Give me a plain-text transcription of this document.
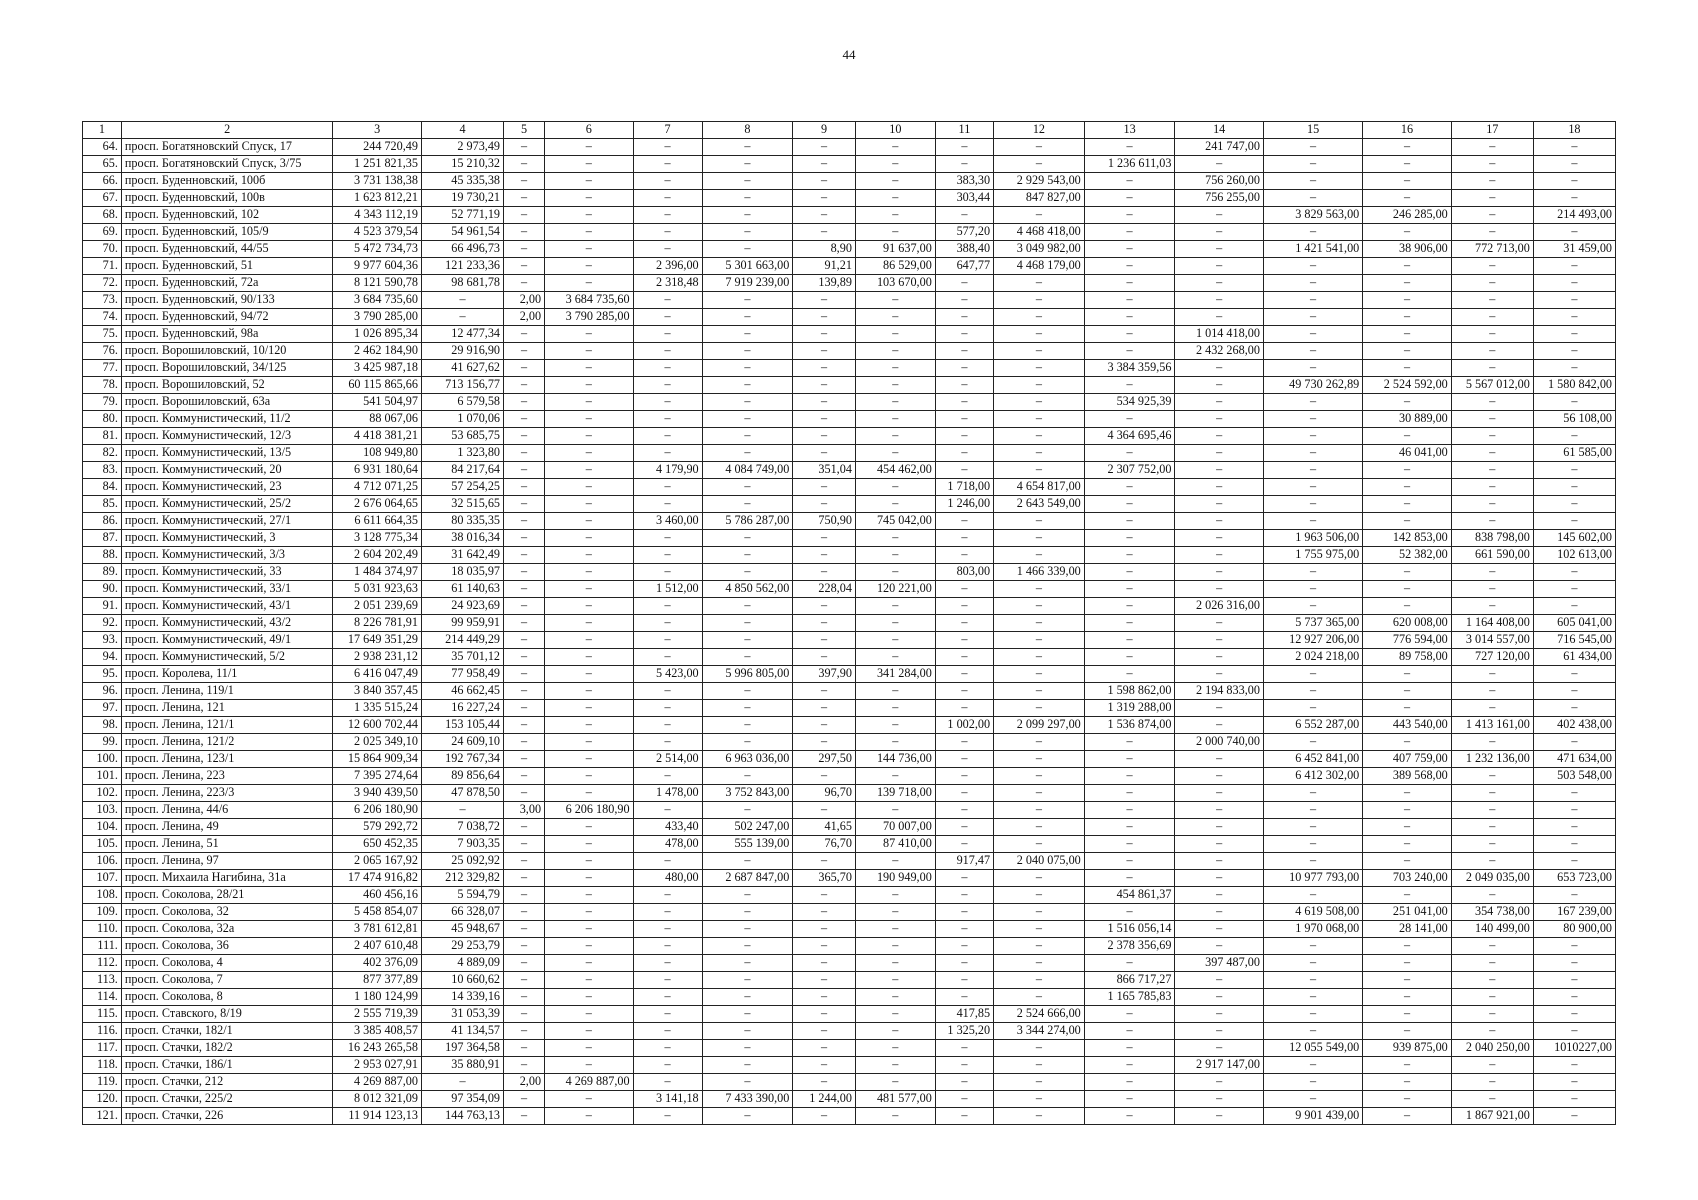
44
1	2	3	4	5	6	7	8	9	10	11	12	13	14	15	16	17	18
64.	просп. Богатяновский Спуск, 17	244 720,49	2 973,49	–	–	–	–	–	–	–	–	–	241 747,00	–	–	–	–
65.	просп. Богатяновский Спуск, 3/75	1 251 821,35	15 210,32	–	–	–	–	–	–	–	–	1 236 611,03	–	–	–	–	–
66.	просп. Буденновский, 100б	3 731 138,38	45 335,38	–	–	–	–	–	–	383,30	2 929 543,00	–	756 260,00	–	–	–	–
67.	просп. Буденновский, 100в	1 623 812,21	19 730,21	–	–	–	–	–	–	303,44	847 827,00	–	756 255,00	–	–	–	–
68.	просп. Буденновский, 102	4 343 112,19	52 771,19	–	–	–	–	–	–	–	–	–	–	3 829 563,00	246 285,00	–	214 493,00
69.	просп. Буденновский, 105/9	4 523 379,54	54 961,54	–	–	–	–	–	–	577,20	4 468 418,00	–	–	–	–	–	–
70.	просп. Буденновский, 44/55	5 472 734,73	66 496,73	–	–	–	–	8,90	91 637,00	388,40	3 049 982,00	–	–	1 421 541,00	38 906,00	772 713,00	31 459,00
71.	просп. Буденновский, 51	9 977 604,36	121 233,36	–	–	2 396,00	5 301 663,00	91,21	86 529,00	647,77	4 468 179,00	–	–	–	–	–	–
72.	просп. Буденновский, 72а	8 121 590,78	98 681,78	–	–	2 318,48	7 919 239,00	139,89	103 670,00	–	–	–	–	–	–	–	–
73.	просп. Буденновский, 90/133	3 684 735,60	–	2,00	3 684 735,60	–	–	–	–	–	–	–	–	–	–	–	–
74.	просп. Буденновский, 94/72	3 790 285,00	–	2,00	3 790 285,00	–	–	–	–	–	–	–	–	–	–	–	–
75.	просп. Буденновский, 98а	1 026 895,34	12 477,34	–	–	–	–	–	–	–	–	–	1 014 418,00	–	–	–	–
76.	просп. Ворошиловский, 10/120	2 462 184,90	29 916,90	–	–	–	–	–	–	–	–	–	2 432 268,00	–	–	–	–
77.	просп. Ворошиловский, 34/125	3 425 987,18	41 627,62	–	–	–	–	–	–	–	–	3 384 359,56	–	–	–	–	–
78.	просп. Ворошиловский, 52	60 115 865,66	713 156,77	–	–	–	–	–	–	–	–	–	–	49 730 262,89	2 524 592,00	5 567 012,00	1 580 842,00
79.	просп. Ворошиловский, 63а	541 504,97	6 579,58	–	–	–	–	–	–	–	–	534 925,39	–	–	–	–	–
80.	просп. Коммунистический, 11/2	88 067,06	1 070,06	–	–	–	–	–	–	–	–	–	–	–	30 889,00	–	56 108,00
81.	просп. Коммунистический, 12/3	4 418 381,21	53 685,75	–	–	–	–	–	–	–	–	4 364 695,46	–	–	–	–	–
82.	просп. Коммунистический, 13/5	108 949,80	1 323,80	–	–	–	–	–	–	–	–	–	–	–	46 041,00	–	61 585,00
83.	просп. Коммунистический, 20	6 931 180,64	84 217,64	–	–	4 179,90	4 084 749,00	351,04	454 462,00	–	–	2 307 752,00	–	–	–	–	–
84.	просп. Коммунистический, 23	4 712 071,25	57 254,25	–	–	–	–	–	–	1 718,00	4 654 817,00	–	–	–	–	–	–
85.	просп. Коммунистический, 25/2	2 676 064,65	32 515,65	–	–	–	–	–	–	1 246,00	2 643 549,00	–	–	–	–	–	–
86.	просп. Коммунистический, 27/1	6 611 664,35	80 335,35	–	–	3 460,00	5 786 287,00	750,90	745 042,00	–	–	–	–	–	–	–	–
87.	просп. Коммунистический, 3	3 128 775,34	38 016,34	–	–	–	–	–	–	–	–	–	–	1 963 506,00	142 853,00	838 798,00	145 602,00
88.	просп. Коммунистический, 3/3	2 604 202,49	31 642,49	–	–	–	–	–	–	–	–	–	–	1 755 975,00	52 382,00	661 590,00	102 613,00
89.	просп. Коммунистический, 33	1 484 374,97	18 035,97	–	–	–	–	–	–	803,00	1 466 339,00	–	–	–	–	–	–
90.	просп. Коммунистический, 33/1	5 031 923,63	61 140,63	–	–	1 512,00	4 850 562,00	228,04	120 221,00	–	–	–	–	–	–	–	–
91.	просп. Коммунистический, 43/1	2 051 239,69	24 923,69	–	–	–	–	–	–	–	–	–	2 026 316,00	–	–	–	–
92.	просп. Коммунистический, 43/2	8 226 781,91	99 959,91	–	–	–	–	–	–	–	–	–	–	5 737 365,00	620 008,00	1 164 408,00	605 041,00
93.	просп. Коммунистический, 49/1	17 649 351,29	214 449,29	–	–	–	–	–	–	–	–	–	–	12 927 206,00	776 594,00	3 014 557,00	716 545,00
94.	просп. Коммунистический, 5/2	2 938 231,12	35 701,12	–	–	–	–	–	–	–	–	–	–	2 024 218,00	89 758,00	727 120,00	61 434,00
95.	просп. Королева, 11/1	6 416 047,49	77 958,49	–	–	5 423,00	5 996 805,00	397,90	341 284,00	–	–	–	–	–	–	–	–
96.	просп. Ленина, 119/1	3 840 357,45	46 662,45	–	–	–	–	–	–	–	–	1 598 862,00	2 194 833,00	–	–	–	–
97.	просп. Ленина, 121	1 335 515,24	16 227,24	–	–	–	–	–	–	–	–	1 319 288,00	–	–	–	–	–
98.	просп. Ленина, 121/1	12 600 702,44	153 105,44	–	–	–	–	–	–	1 002,00	2 099 297,00	1 536 874,00	–	6 552 287,00	443 540,00	1 413 161,00	402 438,00
99.	просп. Ленина, 121/2	2 025 349,10	24 609,10	–	–	–	–	–	–	–	–	–	2 000 740,00	–	–	–	–
100.	просп. Ленина, 123/1	15 864 909,34	192 767,34	–	–	2 514,00	6 963 036,00	297,50	144 736,00	–	–	–	–	6 452 841,00	407 759,00	1 232 136,00	471 634,00
101.	просп. Ленина, 223	7 395 274,64	89 856,64	–	–	–	–	–	–	–	–	–	–	6 412 302,00	389 568,00	–	503 548,00
102.	просп. Ленина, 223/3	3 940 439,50	47 878,50	–	–	1 478,00	3 752 843,00	96,70	139 718,00	–	–	–	–	–	–	–	–
103.	просп. Ленина, 44/6	6 206 180,90	–	3,00	6 206 180,90	–	–	–	–	–	–	–	–	–	–	–	–
104.	просп. Ленина, 49	579 292,72	7 038,72	–	–	433,40	502 247,00	41,65	70 007,00	–	–	–	–	–	–	–	–
105.	просп. Ленина, 51	650 452,35	7 903,35	–	–	478,00	555 139,00	76,70	87 410,00	–	–	–	–	–	–	–	–
106.	просп. Ленина, 97	2 065 167,92	25 092,92	–	–	–	–	–	–	917,47	2 040 075,00	–	–	–	–	–	–
107.	просп. Михаила Нагибина, 31а	17 474 916,82	212 329,82	–	–	480,00	2 687 847,00	365,70	190 949,00	–	–	–	–	10 977 793,00	703 240,00	2 049 035,00	653 723,00
108.	просп. Соколова, 28/21	460 456,16	5 594,79	–	–	–	–	–	–	–	–	454 861,37	–	–	–	–	–
109.	просп. Соколова, 32	5 458 854,07	66 328,07	–	–	–	–	–	–	–	–	–	–	4 619 508,00	251 041,00	354 738,00	167 239,00
110.	просп. Соколова, 32а	3 781 612,81	45 948,67	–	–	–	–	–	–	–	–	1 516 056,14	–	1 970 068,00	28 141,00	140 499,00	80 900,00
111.	просп. Соколова, 36	2 407 610,48	29 253,79	–	–	–	–	–	–	–	–	2 378 356,69	–	–	–	–	–
112.	просп. Соколова, 4	402 376,09	4 889,09	–	–	–	–	–	–	–	–	–	397 487,00	–	–	–	–
113.	просп. Соколова, 7	877 377,89	10 660,62	–	–	–	–	–	–	–	–	866 717,27	–	–	–	–	–
114.	просп. Соколова, 8	1 180 124,99	14 339,16	–	–	–	–	–	–	–	–	1 165 785,83	–	–	–	–	–
115.	просп. Ставского, 8/19	2 555 719,39	31 053,39	–	–	–	–	–	–	417,85	2 524 666,00	–	–	–	–	–	–
116.	просп. Стачки, 182/1	3 385 408,57	41 134,57	–	–	–	–	–	–	1 325,20	3 344 274,00	–	–	–	–	–	–
117.	просп. Стачки, 182/2	16 243 265,58	197 364,58	–	–	–	–	–	–	–	–	–	–	12 055 549,00	939 875,00	2 040 250,00	1010227,00
118.	просп. Стачки, 186/1	2 953 027,91	35 880,91	–	–	–	–	–	–	–	–	–	2 917 147,00	–	–	–	–
119.	просп. Стачки, 212	4 269 887,00	–	2,00	4 269 887,00	–	–	–	–	–	–	–	–	–	–	–	–
120.	просп. Стачки, 225/2	8 012 321,09	97 354,09	–	–	3 141,18	7 433 390,00	1 244,00	481 577,00	–	–	–	–	–	–	–	–
121.	просп. Стачки, 226	11 914 123,13	144 763,13	–	–	–	–	–	–	–	–	–	–	9 901 439,00	–	1 867 921,00	–
